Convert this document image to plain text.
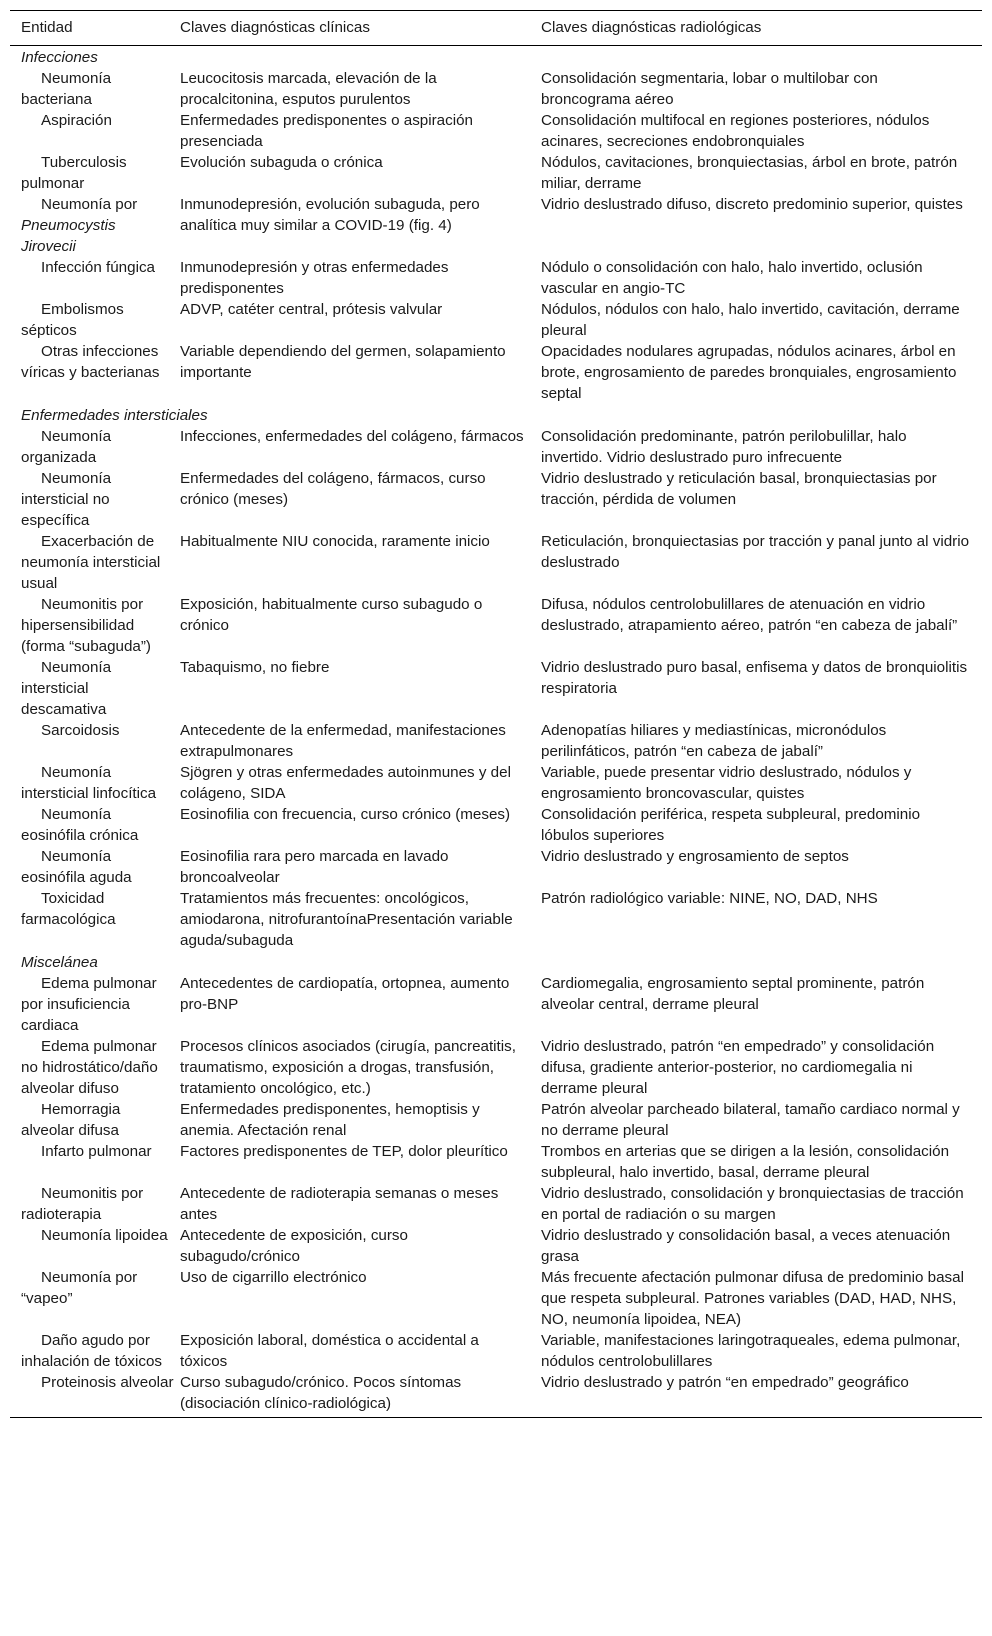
Entidad	Claves diagnósticas clínicas	Claves diagnósticas radiológicas
Infecciones		

Neumonía bacteriana	Leucocitosis marcada, elevación de la procalcitonina, esputos purulentos	Consolidación segmentaria, lobar o multilobar con broncograma aéreo

Aspiración	Enfermedades predisponentes o aspiración presenciada	Consolidación multifocal en regiones posteriores, nódulos acinares, secreciones endobronquiales

Tuberculosis pulmonar	Evolución subaguda o crónica	Nódulos, cavitaciones, bronquiectasias, árbol en brote, patrón miliar, derrame

Neumonía por Pneumocystis Jirovecii	Inmunodepresión, evolución subaguda, pero analítica muy similar a COVID-19 (fig. 4)	Vidrio deslustrado difuso, discreto predominio superior, quistes

Infección fúngica	Inmunodepresión y otras enfermedades predisponentes	Nódulo o consolidación con halo, halo invertido, oclusión vascular en angio-TC

Embolismos sépticos	ADVP, catéter central, prótesis valvular	Nódulos, nódulos con halo, halo invertido, cavitación, derrame pleural

Otras infecciones víricas y bacterianas	Variable dependiendo del germen, solapamiento importante	Opacidades nodulares agrupadas, nódulos acinares, árbol en brote, engrosamiento de paredes bronquiales, engrosamiento septal
Enfermedades intersticiales		

Neumonía organizada	Infecciones, enfermedades del colágeno, fármacos	Consolidación predominante, patrón perilobulillar, halo invertido. Vidrio deslustrado puro infrecuente

Neumonía intersticial no específica	Enfermedades del colágeno, fármacos, curso crónico (meses)	Vidrio deslustrado y reticulación basal, bronquiectasias por tracción, pérdida de volumen

Exacerbación de neumonía intersticial usual	Habitualmente NIU conocida, raramente inicio	Reticulación, bronquiectasias por tracción y panal junto al vidrio deslustrado

Neumonitis por hipersensibilidad (forma “subaguda”)	Exposición, habitualmente curso subagudo o crónico	Difusa, nódulos centrolobulillares de atenuación en vidrio deslustrado, atrapamiento aéreo, patrón “en cabeza de jabalí”

Neumonía intersticial descamativa	Tabaquismo, no fiebre	Vidrio deslustrado puro basal, enfisema y datos de bronquiolitis respiratoria

Sarcoidosis	Antecedente de la enfermedad, manifestaciones extrapulmonares	Adenopatías hiliares y mediastínicas, micronódulos perilinfáticos, patrón “en cabeza de jabalí”

Neumonía intersticial linfocítica	Sjögren y otras enfermedades autoinmunes y del colágeno, SIDA	Variable, puede presentar vidrio deslustrado, nódulos y engrosamiento broncovascular, quistes

Neumonía eosinófila crónica	Eosinofilia con frecuencia, curso crónico (meses)	Consolidación periférica, respeta subpleural, predominio lóbulos superiores

Neumonía eosinófila aguda	Eosinofilia rara pero marcada en lavado broncoalveolar	Vidrio deslustrado y engrosamiento de septos

Toxicidad farmacológica	Tratamientos más frecuentes: oncológicos, amiodarona, nitrofurantoínaPresentación variable aguda/subaguda	Patrón radiológico variable: NINE, NO, DAD, NHS
Miscelánea		

Edema pulmonar por insuficiencia cardiaca	Antecedentes de cardiopatía, ortopnea, aumento pro-BNP	Cardiomegalia, engrosamiento septal prominente, patrón alveolar central, derrame pleural

Edema pulmonar no hidrostático/daño alveolar difuso	Procesos clínicos asociados (cirugía, pancreatitis, traumatismo, exposición a drogas, transfusión, tratamiento oncológico, etc.)	Vidrio deslustrado, patrón “en empedrado” y consolidación difusa, gradiente anterior-posterior, no cardiomegalia ni derrame pleural

Hemorragia alveolar difusa	Enfermedades predisponentes, hemoptisis y anemia. Afectación renal	Patrón alveolar parcheado bilateral, tamaño cardiaco normal y no derrame pleural

Infarto pulmonar	Factores predisponentes de TEP, dolor pleurítico	Trombos en arterias que se dirigen a la lesión, consolidación subpleural, halo invertido, basal, derrame pleural

Neumonitis por radioterapia	Antecedente de radioterapia semanas o meses antes	Vidrio deslustrado, consolidación y bronquiectasias de tracción en portal de radiación o su margen

Neumonía lipoidea	Antecedente de exposición, curso subagudo/crónico	Vidrio deslustrado y consolidación basal, a veces atenuación grasa

Neumonía por “vapeo”	Uso de cigarrillo electrónico	Más frecuente afectación pulmonar difusa de predominio basal que respeta subpleural. Patrones variables (DAD, HAD, NHS, NO, neumonía lipoidea, NEA)

Daño agudo por inhalación de tóxicos	Exposición laboral, doméstica o accidental a tóxicos	Variable, manifestaciones laringotraqueales, edema pulmonar, nódulos centrolobulillares

Proteinosis alveolar	Curso subagudo/crónico. Pocos síntomas (disociación clínico-radiológica)	Vidrio deslustrado y patrón “en empedrado” geográfico
